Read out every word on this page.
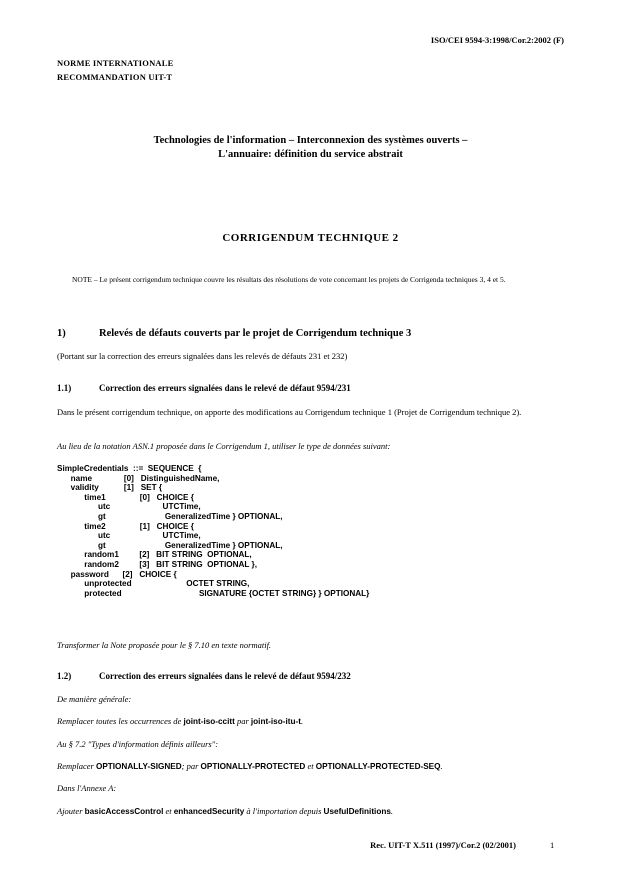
ISO/CEI 9594-3:1998/Cor.2:2002 (F)
NORME INTERNATIONALE
RECOMMANDATION UIT-T
Technologies de l'information – Interconnexion des systèmes ouverts –
L'annuaire: définition du service abstrait
CORRIGENDUM TECHNIQUE 2
NOTE – Le présent corrigendum technique couvre les résultats des résolutions de vote concernant les projets de Corrigenda techniques 3, 4 et 5.
1)	Relevés de défauts couverts par le projet de Corrigendum technique 3
(Portant sur la correction des erreurs signalées dans les relevés de défauts 231 et 232)
1.1)	Correction des erreurs signalées dans le relevé de défaut 9594/231
Dans le présent corrigendum technique, on apporte des modifications au Corrigendum technique 1 (Projet de Corrigendum technique 2).
Au lieu de la notation ASN.1 proposée dans le Corrigendum 1, utiliser le type de données suivant:
SimpleCredentials  ::=  SEQUENCE  {
name              [0]   DistinguishedName,
validity           [1]   SET {
time1               [0]   CHOICE {
utc                       UTCTime,
gt                          GeneralizedTime } OPTIONAL,
time2               [1]   CHOICE {
utc                       UTCTime,
gt                          GeneralizedTime } OPTIONAL,
random1         [2]   BIT STRING  OPTIONAL,
random2         [3]   BIT STRING  OPTIONAL },
password      [2]   CHOICE {
unprotected                        OCTET STRING,
protected                                  SIGNATURE {OCTET STRING} } OPTIONAL}
Transformer la Note proposée pour le § 7.10 en texte normatif.
1.2)	Correction des erreurs signalées dans le relevé de défaut 9594/232
De manière générale:
Remplacer toutes les occurrences de joint-iso-ccitt par joint-iso-itu-t.
Au § 7.2 "Types d'information définis ailleurs":
Remplacer OPTIONALLY-SIGNED; par OPTIONALLY-PROTECTED et OPTIONALLY-PROTECTED-SEQ.
Dans l'Annexe A:
Ajouter basicAccessControl et enhancedSecurity à l'importation depuis UsefulDefinitions.
Rec. UIT-T X.511 (1997)/Cor.2 (02/2001)	1
